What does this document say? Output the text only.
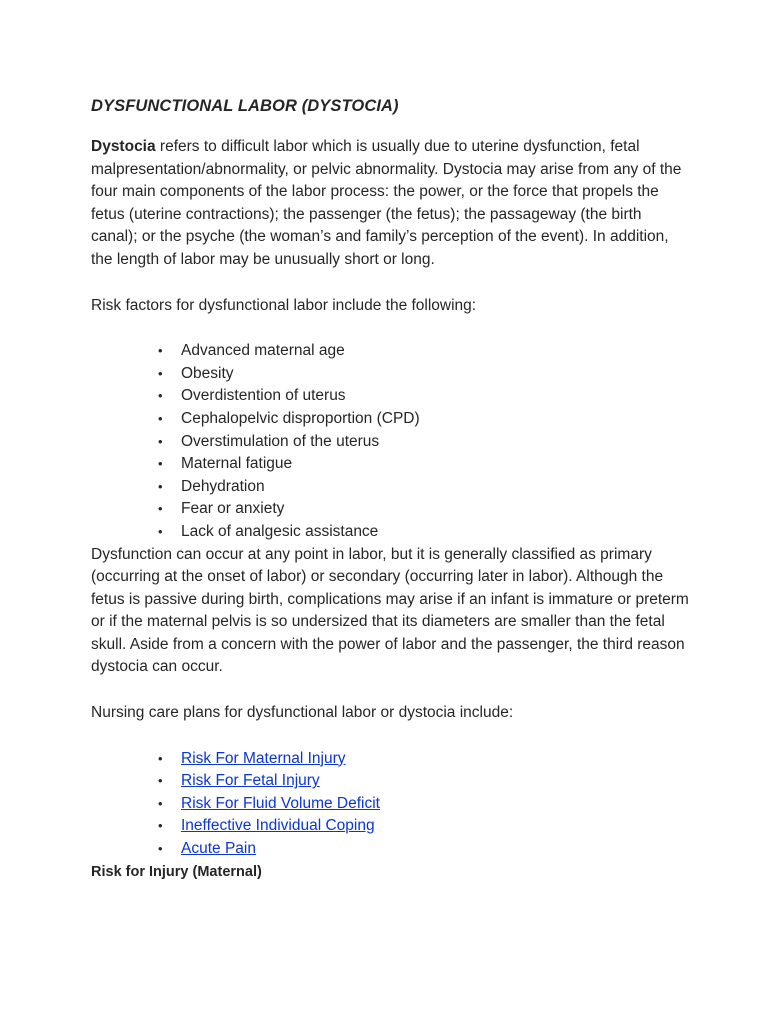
DYSFUNCTIONAL LABOR (DYSTOCIA)

Dystocia refers to difficult labor which is usually due to uterine dysfunction, fetal malpresentation/abnormality, or pelvic abnormality. Dystocia may arise from any of the four main components of the labor process: the power, or the force that propels the fetus (uterine contractions); the passenger (the fetus); the passageway (the birth canal); or the psyche (the woman’s and family’s perception of the event). In addition, the length of labor may be unusually short or long.

Risk factors for dysfunctional labor include the following:

• Advanced maternal age
• Obesity
• Overdistention of uterus
• Cephalopelvic disproportion (CPD)
• Overstimulation of the uterus
• Maternal fatigue
• Dehydration
• Fear or anxiety
• Lack of analgesic assistance

Dysfunction can occur at any point in labor, but it is generally classified as primary (occurring at the onset of labor) or secondary (occurring later in labor). Although the fetus is passive during birth, complications may arise if an infant is immature or preterm or if the maternal pelvis is so undersized that its diameters are smaller than the fetal skull. Aside from a concern with the power of labor and the passenger, the third reason dystocia can occur.

Nursing care plans for dysfunctional labor or dystocia include:

• Risk For Maternal Injury
• Risk For Fetal Injury
• Risk For Fluid Volume Deficit
• Ineffective Individual Coping
• Acute Pain

Risk for Injury (Maternal)
